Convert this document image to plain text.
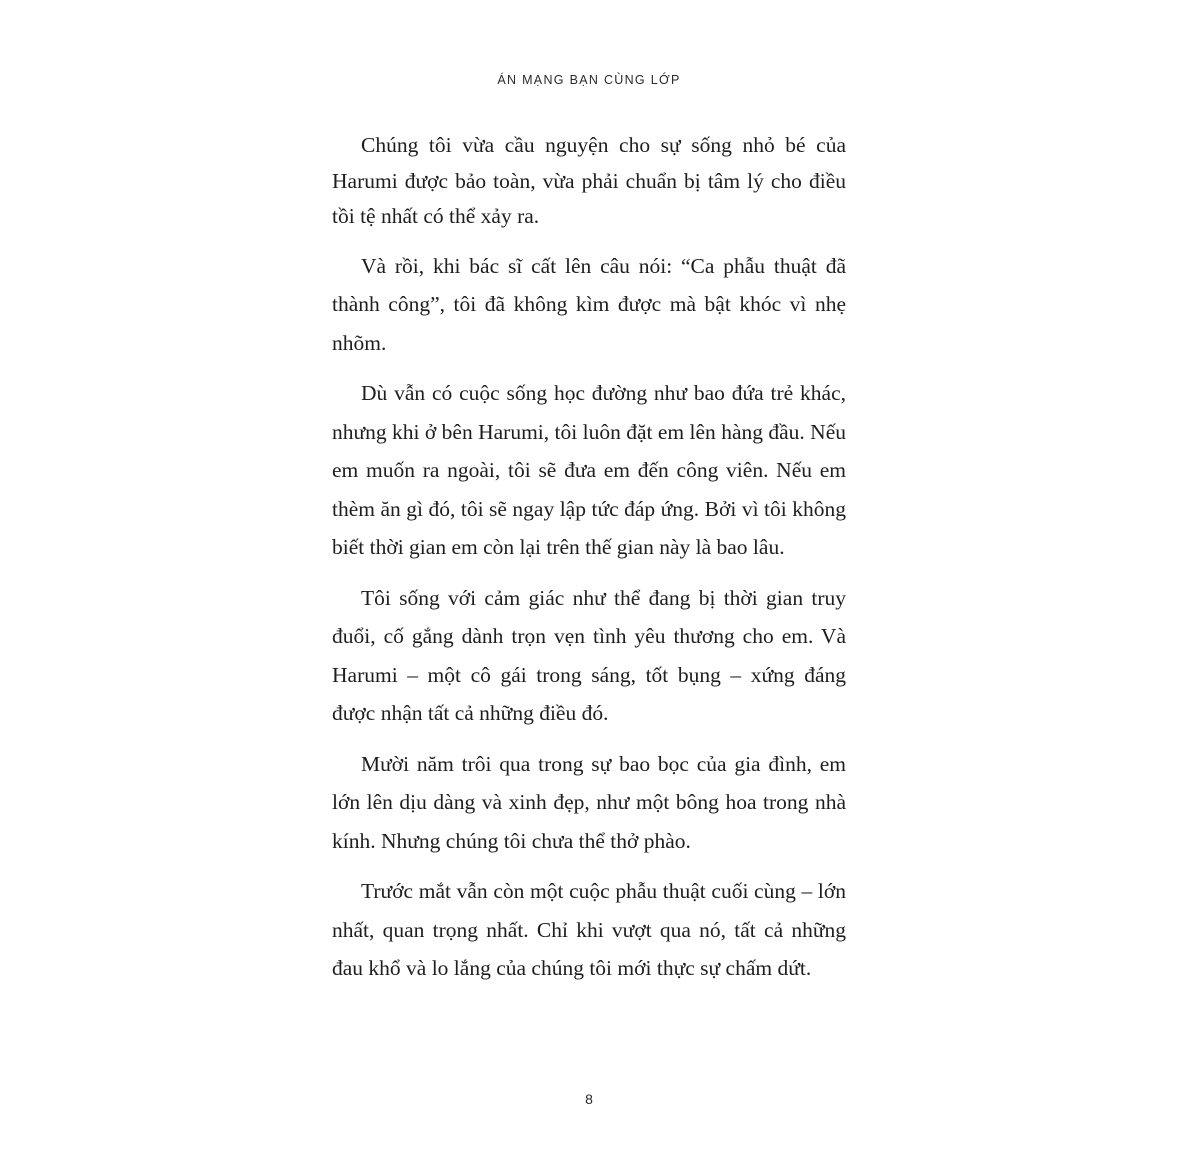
ÁN MẠNG BẠN CÙNG LỚP

Chúng tôi vừa cầu nguyện cho sự sống nhỏ bé của Harumi được bảo toàn, vừa phải chuẩn bị tâm lý cho điều tồi tệ nhất có thể xảy ra.

Và rồi, khi bác sĩ cất lên câu nói: “Ca phẫu thuật đã thành công”, tôi đã không kìm được mà bật khóc vì nhẹ nhõm.

Dù vẫn có cuộc sống học đường như bao đứa trẻ khác, nhưng khi ở bên Harumi, tôi luôn đặt em lên hàng đầu. Nếu em muốn ra ngoài, tôi sẽ đưa em đến công viên. Nếu em thèm ăn gì đó, tôi sẽ ngay lập tức đáp ứng. Bởi vì tôi không biết thời gian em còn lại trên thế gian này là bao lâu.

Tôi sống với cảm giác như thể đang bị thời gian truy đuổi, cố gắng dành trọn vẹn tình yêu thương cho em. Và Harumi – một cô gái trong sáng, tốt bụng – xứng đáng được nhận tất cả những điều đó.

Mười năm trôi qua trong sự bao bọc của gia đình, em lớn lên dịu dàng và xinh đẹp, như một bông hoa trong nhà kính. Nhưng chúng tôi chưa thể thở phào.

Trước mắt vẫn còn một cuộc phẫu thuật cuối cùng – lớn nhất, quan trọng nhất. Chỉ khi vượt qua nó, tất cả những đau khổ và lo lắng của chúng tôi mới thực sự chấm dứt.

8
